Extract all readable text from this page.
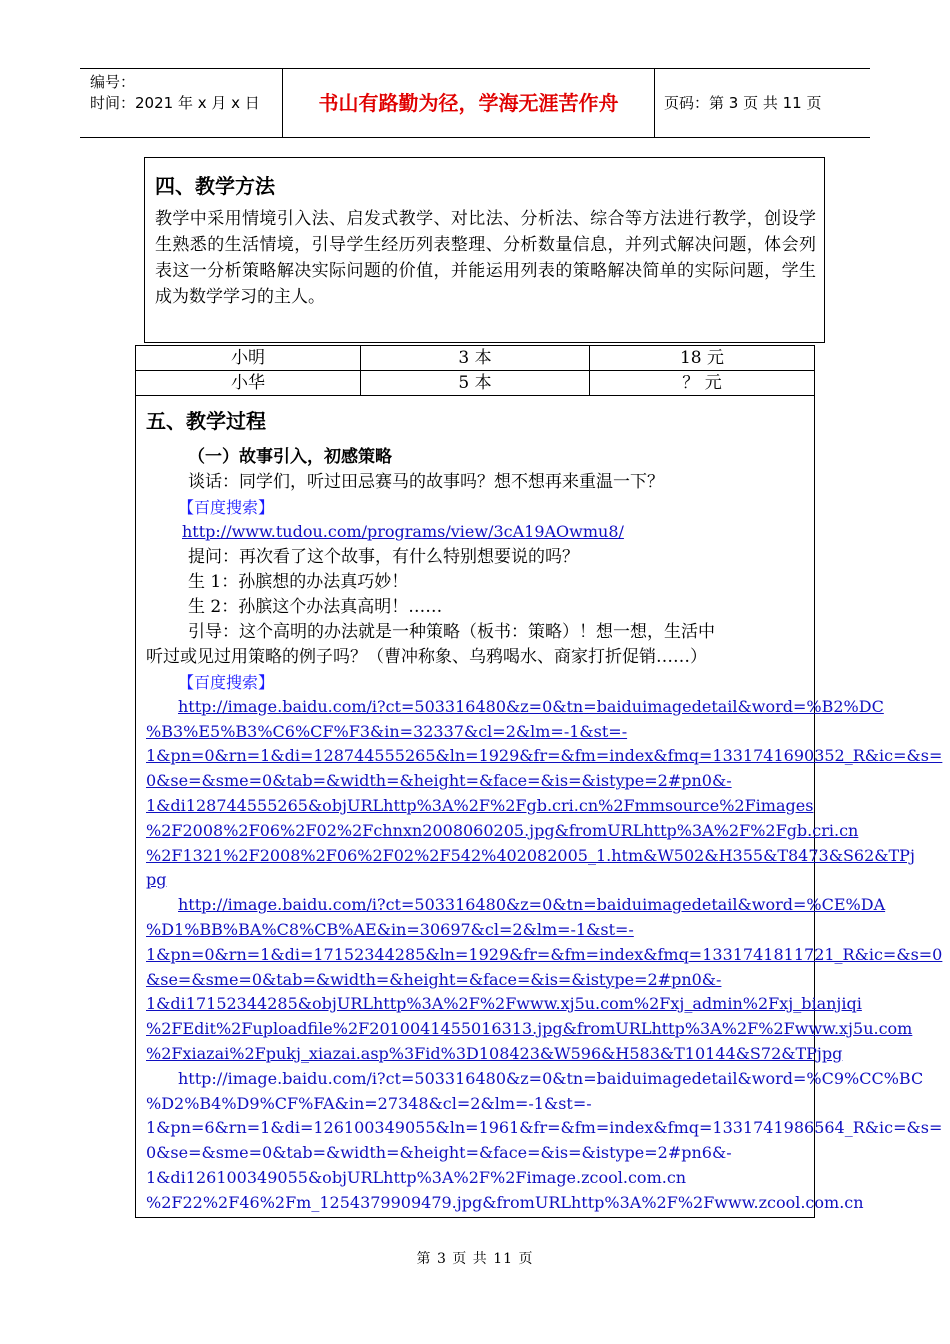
编号：
时间：2021 年 x 月 x 日	书山有路勤为径，学海无涯苦作舟	页码：第 3 页 共 11 页
四、教学方法
教学中采用情境引入法、启发式教学、对比法、分析法、综合等方法进行教学，创设学生熟悉的生活情境，引导学生经历列表整理、分析数量信息，并列式解决问题，体会列表这一分析策略解决实际问题的价值，并能运用列表的策略解决简单的实际问题，学生成为数学学习的主人。
小明	3 本	18 元
小华	5 本	？ 元
五、教学过程
（一）故事引入，初感策略
谈话：同学们，听过田忌赛马的故事吗？想不想再来重温一下？
【百度搜索】
http://www.tudou.com/programs/view/3cA19AOwmu8/
提问：再次看了这个故事，有什么特别想要说的吗？
生 1：孙膑想的办法真巧妙！
生 2：孙膑这个办法真高明！……
引导：这个高明的办法就是一种策略（板书：策略）！想一想，生活中
听过或见过用策略的例子吗？（曹冲称象、乌鸦喝水、商家打折促销……）
【百度搜索】
http://image.baidu.com/i?ct=503316480&z=0&tn=baiduimagedetail&word=%B2%DC
%B3%E5%B3%C6%CF%F3&in=32337&cl=2&lm=-1&st=-
1&pn=0&rn=1&di=128744555265&ln=1929&fr=&fm=index&fmq=1331741690352_R&ic=&s=
0&se=&sme=0&tab=&width=&height=&face=&is=&istype=2#pn0&-
1&di128744555265&objURLhttp%3A%2F%2Fgb.cri.cn%2Fmmsource%2Fimages
%2F2008%2F06%2F02%2Fchnxn2008060205.jpg&fromURLhttp%3A%2F%2Fgb.cri.cn
%2F1321%2F2008%2F06%2F02%2F542%402082005_1.htm&W502&H355&T8473&S62&TPj
pg
http://image.baidu.com/i?ct=503316480&z=0&tn=baiduimagedetail&word=%CE%DA
%D1%BB%BA%C8%CB%AE&in=30697&cl=2&lm=-1&st=-
1&pn=0&rn=1&di=17152344285&ln=1929&fr=&fm=index&fmq=1331741811721_R&ic=&s=0
&se=&sme=0&tab=&width=&height=&face=&is=&istype=2#pn0&-
1&di17152344285&objURLhttp%3A%2F%2Fwww.xj5u.com%2Fxj_admin%2Fxj_bianjiqi
%2FEdit%2Fuploadfile%2F2010041455016313.jpg&fromURLhttp%3A%2F%2Fwww.xj5u.com
%2Fxiazai%2Fpukj_xiazai.asp%3Fid%3D108423&W596&H583&T10144&S72&TPjpg
http://image.baidu.com/i?ct=503316480&z=0&tn=baiduimagedetail&word=%C9%CC%BC
%D2%B4%D9%CF%FA&in=27348&cl=2&lm=-1&st=-
1&pn=6&rn=1&di=126100349055&ln=1961&fr=&fm=index&fmq=1331741986564_R&ic=&s=
0&se=&sme=0&tab=&width=&height=&face=&is=&istype=2#pn6&-
1&di126100349055&objURLhttp%3A%2F%2Fimage.zcool.com.cn
%2F22%2F46%2Fm_1254379909479.jpg&fromURLhttp%3A%2F%2Fwww.zcool.com.cn
第 3 页 共 11 页
